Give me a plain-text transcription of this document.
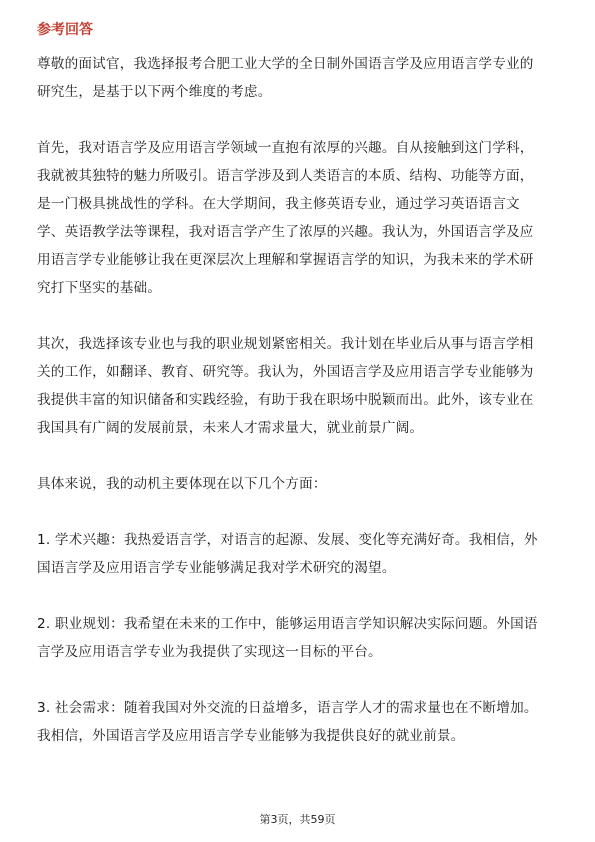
参考回答

尊敬的面试官，我选择报考合肥工业大学的全日制外国语言学及应用语言学专业的
研究生，是基于以下两个维度的考虑。

首先，我对语言学及应用语言学领域一直抱有浓厚的兴趣。自从接触到这门学科，
我就被其独特的魅力所吸引。语言学涉及到人类语言的本质、结构、功能等方面，
是一门极具挑战性的学科。在大学期间，我主修英语专业，通过学习英语语言文
学、英语教学法等课程，我对语言学产生了浓厚的兴趣。我认为，外国语言学及应
用语言学专业能够让我在更深层次上理解和掌握语言学的知识，为我未来的学术研
究打下坚实的基础。

其次，我选择该专业也与我的职业规划紧密相关。我计划在毕业后从事与语言学相
关的工作，如翻译、教育、研究等。我认为，外国语言学及应用语言学专业能够为
我提供丰富的知识储备和实践经验，有助于我在职场中脱颖而出。此外，该专业在
我国具有广阔的发展前景，未来人才需求量大，就业前景广阔。

具体来说，我的动机主要体现在以下几个方面：

1. 学术兴趣：我热爱语言学，对语言的起源、发展、变化等充满好奇。我相信，外
国语言学及应用语言学专业能够满足我对学术研究的渴望。

2. 职业规划：我希望在未来的工作中，能够运用语言学知识解决实际问题。外国语
言学及应用语言学专业为我提供了实现这一目标的平台。

3. 社会需求：随着我国对外交流的日益增多，语言学人才的需求量也在不断增加。
我相信，外国语言学及应用语言学专业能够为我提供良好的就业前景。

第3页，共59页
